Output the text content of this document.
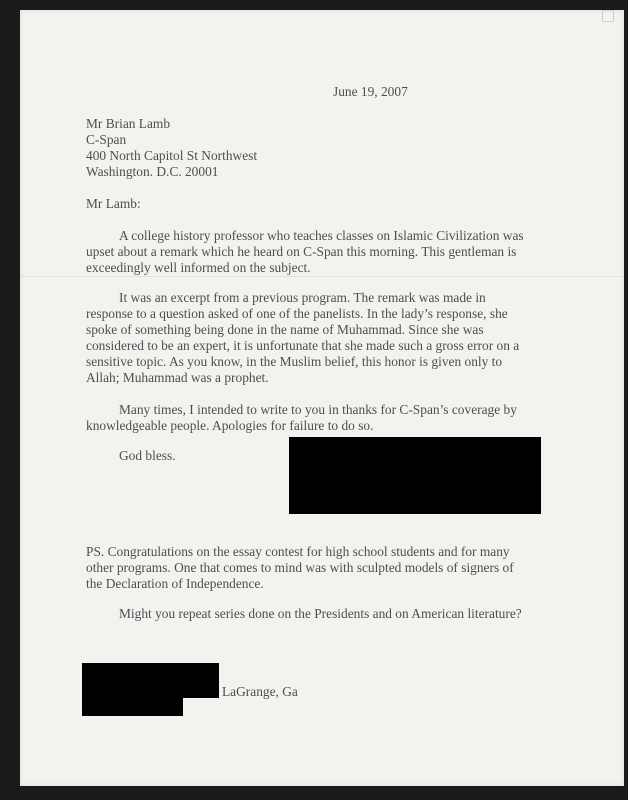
June 19, 2007
Mr Brian Lamb
C-Span
400 North Capitol St Northwest
Washington. D.C. 20001
Mr Lamb:
A college history professor who teaches classes on Islamic Civilization was
upset about a remark which he heard on C-Span this morning. This gentleman is
exceedingly well informed on the subject.
It was an excerpt from a previous program. The remark was made in
response to a question asked of one of the panelists. In the lady’s response, she
spoke of something being done in the name of Muhammad. Since she was
considered to be an expert, it is unfortunate that she made such a gross error on a
sensitive topic. As you know, in the Muslim belief, this honor is given only to
Allah; Muhammad was a prophet.
Many times, I intended to write to you in thanks for C-Span’s coverage by
knowledgeable people. Apologies for failure to do so.
God bless.
PS. Congratulations on the essay contest for high school students and for many
other programs. One that comes to mind was with sculpted models of signers of
the Declaration of Independence.
Might you repeat series done on the Presidents and on American literature?
LaGrange, Ga
